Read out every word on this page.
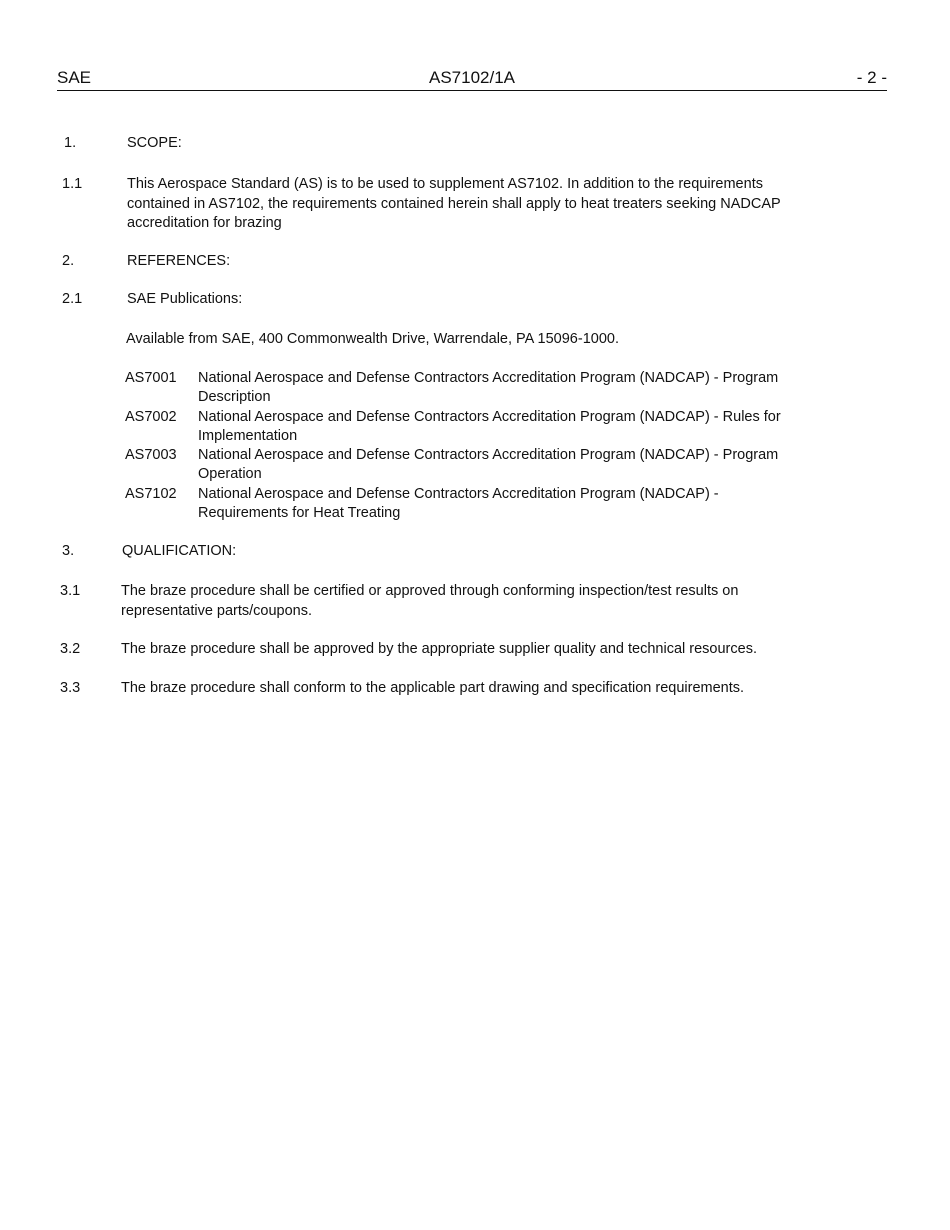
SAE	AS7102/1A	- 2 -
1.	SCOPE:
1.1	This Aerospace Standard (AS) is to be used to supplement AS7102. In addition to the requirements contained in AS7102, the requirements contained herein shall apply to heat treaters seeking NADCAP accreditation for brazing
2.	REFERENCES:
2.1	SAE Publications:
Available from SAE, 400 Commonwealth Drive, Warrendale, PA 15096-1000.
AS7001 National Aerospace and Defense Contractors Accreditation Program (NADCAP) - Program Description
AS7002 National Aerospace and Defense Contractors Accreditation Program (NADCAP) - Rules for Implementation
AS7003 National Aerospace and Defense Contractors Accreditation Program (NADCAP) - Program Operation
AS7102 National Aerospace and Defense Contractors Accreditation Program (NADCAP) - Requirements for Heat Treating
3.	QUALIFICATION:
3.1	The braze procedure shall be certified or approved through conforming inspection/test results on representative parts/coupons.
3.2	The braze procedure shall be approved by the appropriate supplier quality and technical resources.
3.3	The braze procedure shall conform to the applicable part drawing and specification requirements.
